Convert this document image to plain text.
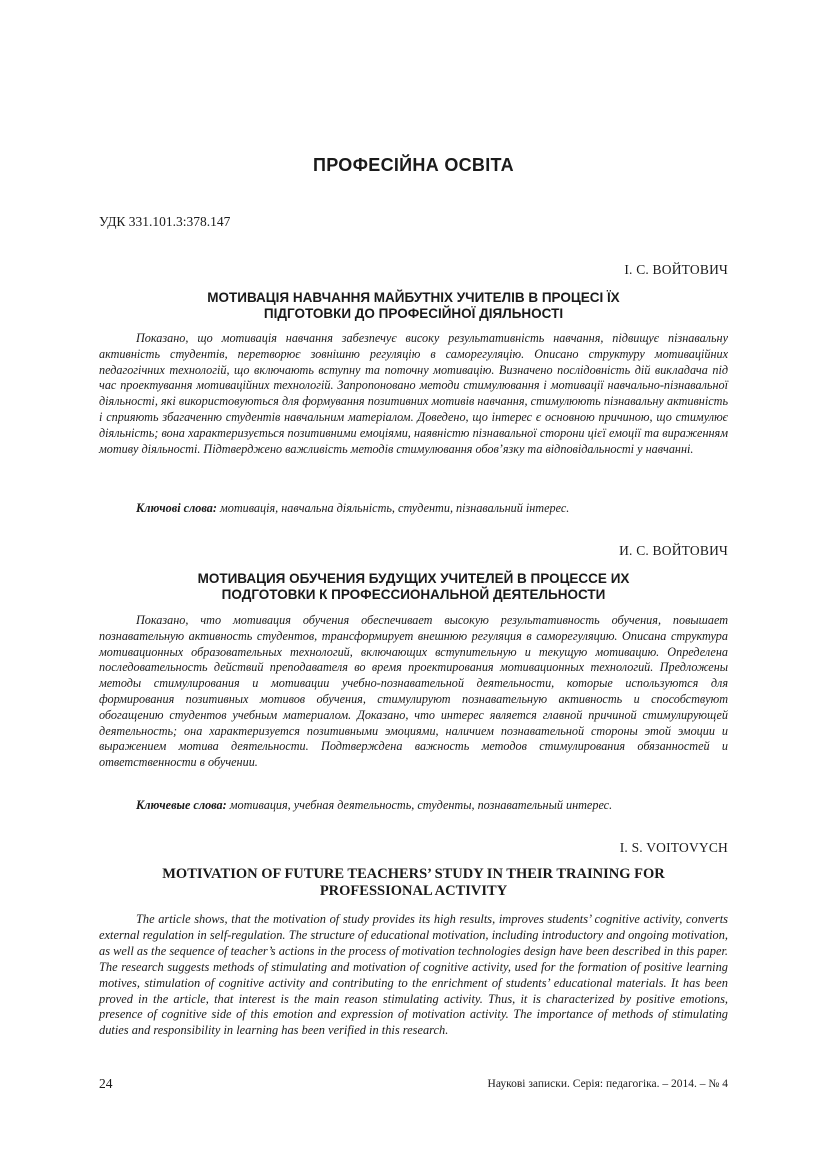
ПРОФЕСІЙНА ОСВІТА
УДК 331.101.3:378.147
І. С. ВОЙТОВИЧ
МОТИВАЦІЯ НАВЧАННЯ МАЙБУТНІХ УЧИТЕЛІВ В ПРОЦЕСІ ЇХ
ПІДГОТОВКИ ДО ПРОФЕСІЙНОЇ ДІЯЛЬНОСТІ

Показано, що мотивація навчання забезпечує високу результативність навчання, підвищує пізнавальну активність студентів, перетворює зовнішню регуляцію в саморегуляцію. Описано структуру мотиваційних педагогічних технологій, що включають вступну та поточну мотивацію. Визначено послідовність дій викладача під час проектування мотиваційних технологій. Запропоновано методи стимулювання і мотивації навчально-пізнавальної діяльності, які використовуються для формування позитивних мотивів навчання, стимулюють пізнавальну активність і сприяють збагаченню студентів навчальним матеріалом. Доведено, що інтерес є основною причиною, що стимулює діяльність; вона характеризується позитивними емоціями, наявністю пізнавальної сторони цієї емоції та вираженням мотиву діяльності. Підтверджено важливість методів стимулювання обов’язку та відповідальності у навчанні.

Ключові слова: мотивація, навчальна діяльність, студенти, пізнавальний інтерес.
И. С. ВОЙТОВИЧ
МОТИВАЦИЯ ОБУЧЕНИЯ БУДУЩИХ УЧИТЕЛЕЙ В ПРОЦЕССЕ ИХ
ПОДГОТОВКИ К ПРОФЕССИОНАЛЬНОЙ ДЕЯТЕЛЬНОСТИ

Показано, что мотивация обучения обеспечивает высокую результативность обучения, повышает познавательную активность студентов, трансформирует внешнюю регуляция в саморегуляцию. Описана структура мотивационных образовательных технологий, включающих вступительную и текущую мотивацию. Определена последовательность действий преподавателя во время проектирования мотивационных технологий. Предложены методы стимулирования и мотивации учебно-познавательной деятельности, которые используются для формирования позитивных мотивов обучения, стимулируют познавательную активность и способствуют обогащению студентов учебным материалом. Доказано, что интерес является главной причиной стимулирующей деятельность; она характеризуется позитивными эмоциями, наличием познавательной стороны этой эмоции и выражением мотива деятельности. Подтверждена важность методов стимулирования обязанностей и ответственности в обучении.

Ключевые слова: мотивация, учебная деятельность, студенты, познавательный интерес.
I. S. VOITOVYCH
MOTIVATION OF FUTURE TEACHERS’ STUDY IN THEIR TRAINING FOR
PROFESSIONAL ACTIVITY

The article shows, that the motivation of study provides its high results, improves students’ cognitive activity, converts external regulation in self-regulation. The structure of educational motivation, including introductory and ongoing motivation, as well as the sequence of teacher’s actions in the process of motivation technologies design have been described in this paper. The research suggests methods of stimulating and motivation of cognitive activity, used for the formation of positive learning motives, stimulation of cognitive activity and contributing to the enrichment of students’ educational materials. It has been proved in the article, that interest is the main reason stimulating activity. Thus, it is characterized by positive emotions, presence of cognitive side of this emotion and expression of motivation activity. The importance of methods of stimulating duties and responsibility in learning has been verified in this research.

24	Наукові записки. Серія: педагогіка. – 2014. – № 4
